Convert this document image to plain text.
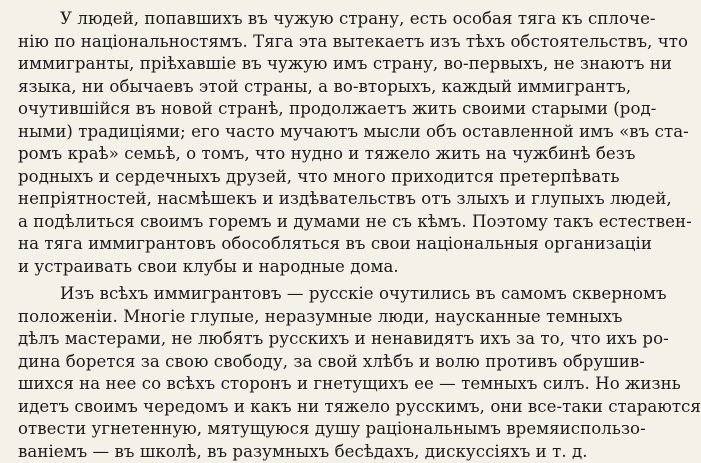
У людей, попавшихъ въ чужую страну, есть особая тяга къ сплоче-
нію по національностямъ. Тяга эта вытекаетъ изъ тѣхъ обстоятельствъ, что
иммигранты, пріѣхавшіе въ чужую имъ страну, во-первыхъ, не знаютъ ни
языка, ни обычаевъ этой страны, а во-вторыхъ, каждый иммигрантъ,
очутившійся въ новой странѣ, продолжаетъ жить своими старыми (род-
ными) традиціями; его часто мучаютъ мысли объ оставленной имъ «въ ста-
ромъ краѣ» семьѣ, о томъ, что нудно и тяжело жить на чужбинѣ безъ
родныхъ и сердечныхъ друзей, что много приходится претерпѣвать
непріятностей, насмѣшекъ и издѣвательствъ отъ злыхъ и глупыхъ людей,
а подѣлиться своимъ горемъ и думами не съ кѣмъ. Поэтому такъ естествен-
на тяга иммигрантовъ обособляться въ свои національныя организаціи
и устраивать свои клубы и народные дома.
Изъ всѣхъ иммигрантовъ — русскіе очутились въ самомъ скверномъ
положеніи. Многіе глупые, неразумные люди, наусканные темныхъ
дѣлъ мастерами, не любятъ русскихъ и ненавидятъ ихъ за то, что ихъ ро-
дина борется за свою свободу, за свой хлѣбъ и волю противъ обрушив-
шихся на нее со всѣхъ сторонъ и гнетущихъ ее — темныхъ силъ. Но жизнь
идетъ своимъ чередомъ и какъ ни тяжело русскимъ, они все-таки стараются
отвести угнетенную, мятущуюся душу раціональнымъ времяиспользо-
ваніемъ — въ школѣ, въ разумныхъ бесѣдахъ, дискуссіяхъ и т. д.
